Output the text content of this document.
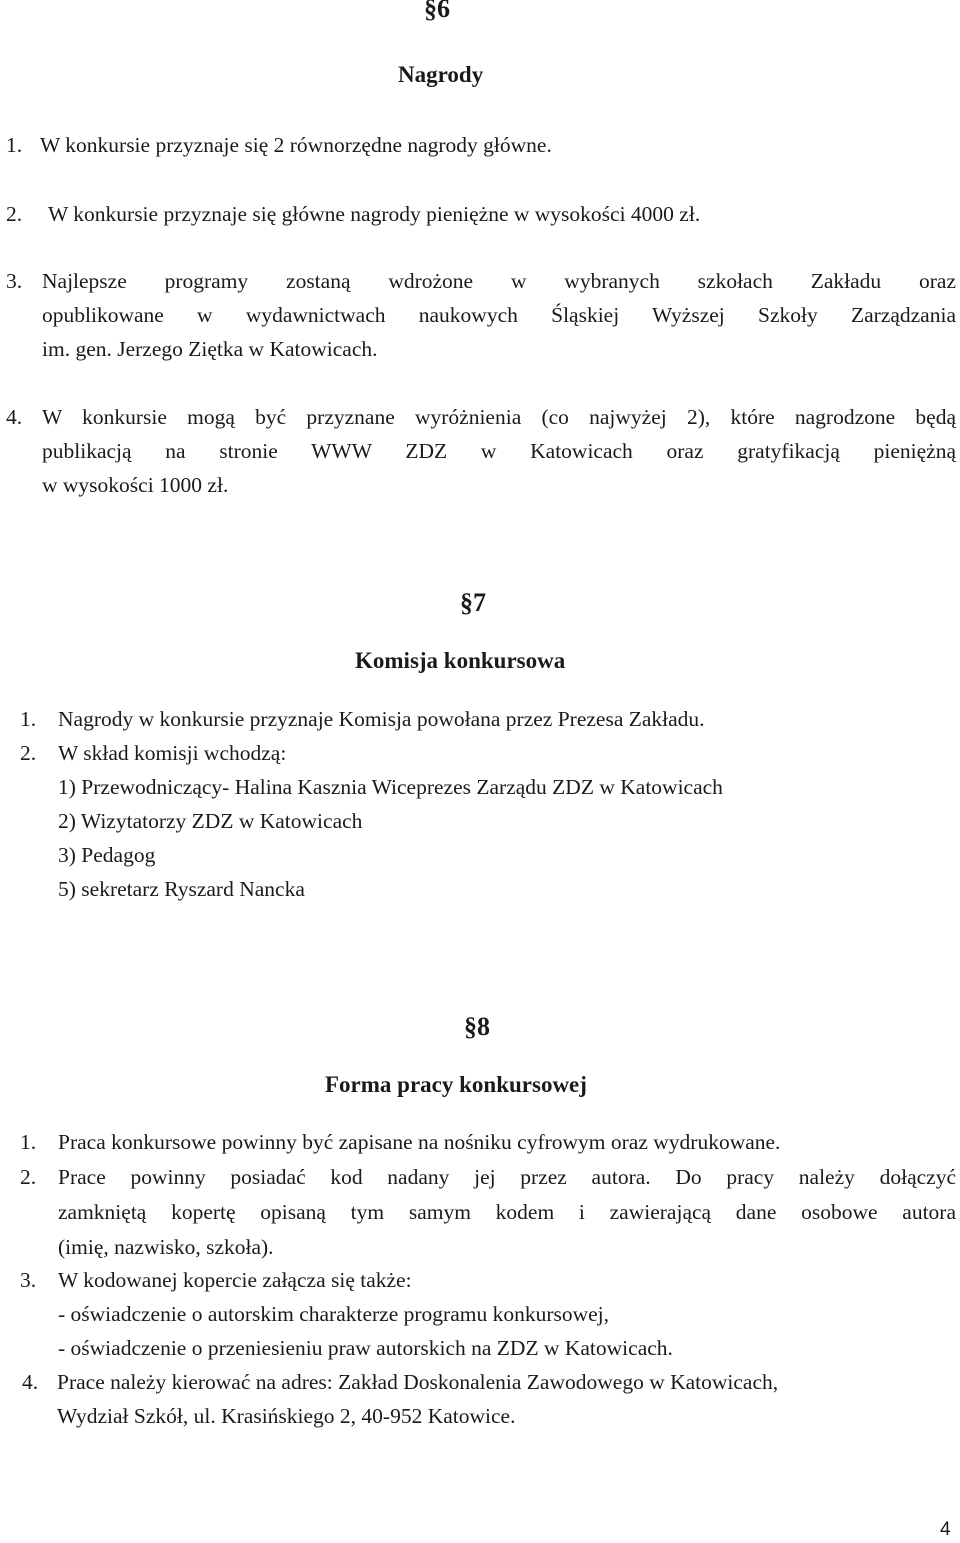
§6
Nagrody
1. W konkursie przyznaje się 2 równorzędne nagrody główne.
2. W konkursie przyznaje się główne nagrody pieniężne w wysokości 4000 zł.
3. Najlepsze programy zostaną wdrożone w wybranych szkołach Zakładu oraz
opublikowane w wydawnictwach naukowych Śląskiej Wyższej Szkoły Zarządzania
im. gen. Jerzego Ziętka w Katowicach.
4. W konkursie mogą być przyznane wyróżnienia (co najwyżej 2), które nagrodzone będą
publikacją na stronie WWW ZDZ w Katowicach oraz gratyfikacją pieniężną
w wysokości 1000 zł.
§7
Komisja konkursowa
1. Nagrody w konkursie przyznaje Komisja powołana przez Prezesa Zakładu.
2. W skład komisji wchodzą:
1) Przewodniczący- Halina Kasznia Wiceprezes Zarządu ZDZ w Katowicach
2) Wizytatorzy ZDZ w Katowicach
3) Pedagog
5) sekretarz Ryszard Nancka
§8
Forma pracy konkursowej
1. Praca konkursowe powinny być zapisane na nośniku cyfrowym oraz wydrukowane.
2. Prace powinny posiadać kod nadany jej przez autora. Do pracy należy dołączyć
zamkniętą kopertę opisaną tym samym kodem i zawierającą dane osobowe autora
(imię, nazwisko, szkoła).
3. W kodowanej kopercie załącza się także:
- oświadczenie o autorskim charakterze programu konkursowej,
- oświadczenie o przeniesieniu praw autorskich na ZDZ w Katowicach.
4. Prace należy kierować na adres: Zakład Doskonalenia Zawodowego w Katowicach,
Wydział Szkół, ul. Krasińskiego 2, 40-952 Katowice.
4
